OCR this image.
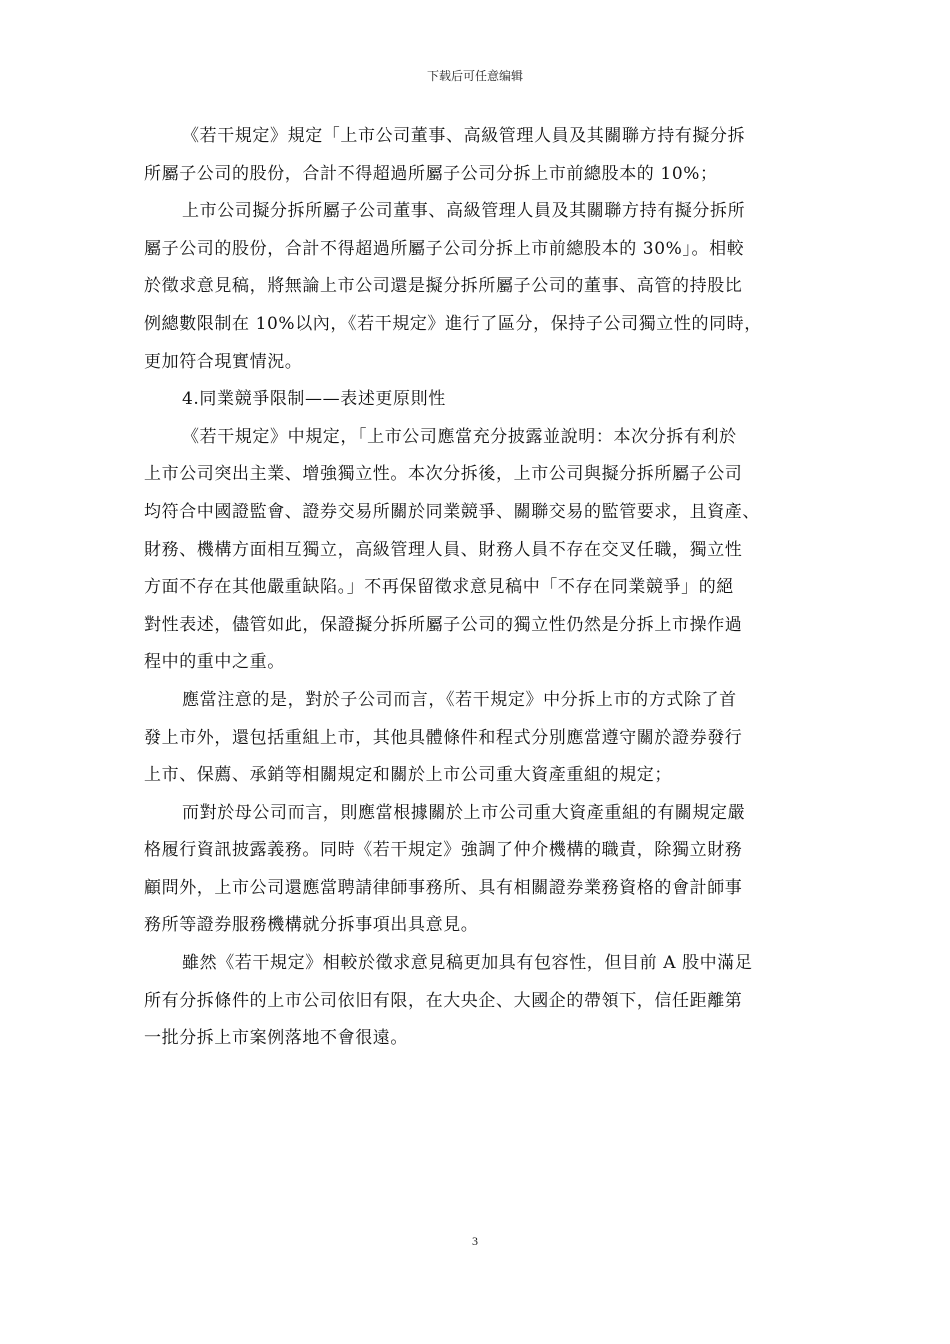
下载后可任意编辑
《若干規定》規定「上市公司董事、高級管理人員及其關聯方持有擬分拆
所屬子公司的股份，合計不得超過所屬子公司分拆上市前總股本的 10%；
上市公司擬分拆所屬子公司董事、高級管理人員及其關聯方持有擬分拆所
屬子公司的股份，合計不得超過所屬子公司分拆上市前總股本的 30%」。相較
於徵求意見稿，將無論上市公司還是擬分拆所屬子公司的董事、高管的持股比
例總數限制在 10%以內，《若干規定》進行了區分，保持子公司獨立性的同時，
更加符合現實情況。
4.同業競爭限制——表述更原則性
《若干規定》中規定，「上市公司應當充分披露並說明：本次分拆有利於
上市公司突出主業、增強獨立性。本次分拆後，上市公司與擬分拆所屬子公司
均符合中國證監會、證券交易所關於同業競爭、關聯交易的監管要求，且資產、
財務、機構方面相互獨立，高級管理人員、財務人員不存在交叉任職，獨立性
方面不存在其他嚴重缺陷。」不再保留徵求意見稿中「不存在同業競爭」的絕
對性表述，儘管如此，保證擬分拆所屬子公司的獨立性仍然是分拆上市操作過
程中的重中之重。
應當注意的是，對於子公司而言，《若干規定》中分拆上市的方式除了首
發上市外，還包括重組上市，其他具體條件和程式分別應當遵守關於證券發行
上市、保薦、承銷等相關規定和關於上市公司重大資產重組的規定；
而對於母公司而言，則應當根據關於上市公司重大資產重組的有關規定嚴
格履行資訊披露義務。同時《若干規定》強調了仲介機構的職責，除獨立財務
顧問外，上市公司還應當聘請律師事務所、具有相關證券業務資格的會計師事
務所等證券服務機構就分拆事項出具意見。
雖然《若干規定》相較於徵求意見稿更加具有包容性，但目前 A 股中滿足
所有分拆條件的上市公司依旧有限，在大央企、大國企的帶領下，信任距離第
一批分拆上市案例落地不會很遠。
3
